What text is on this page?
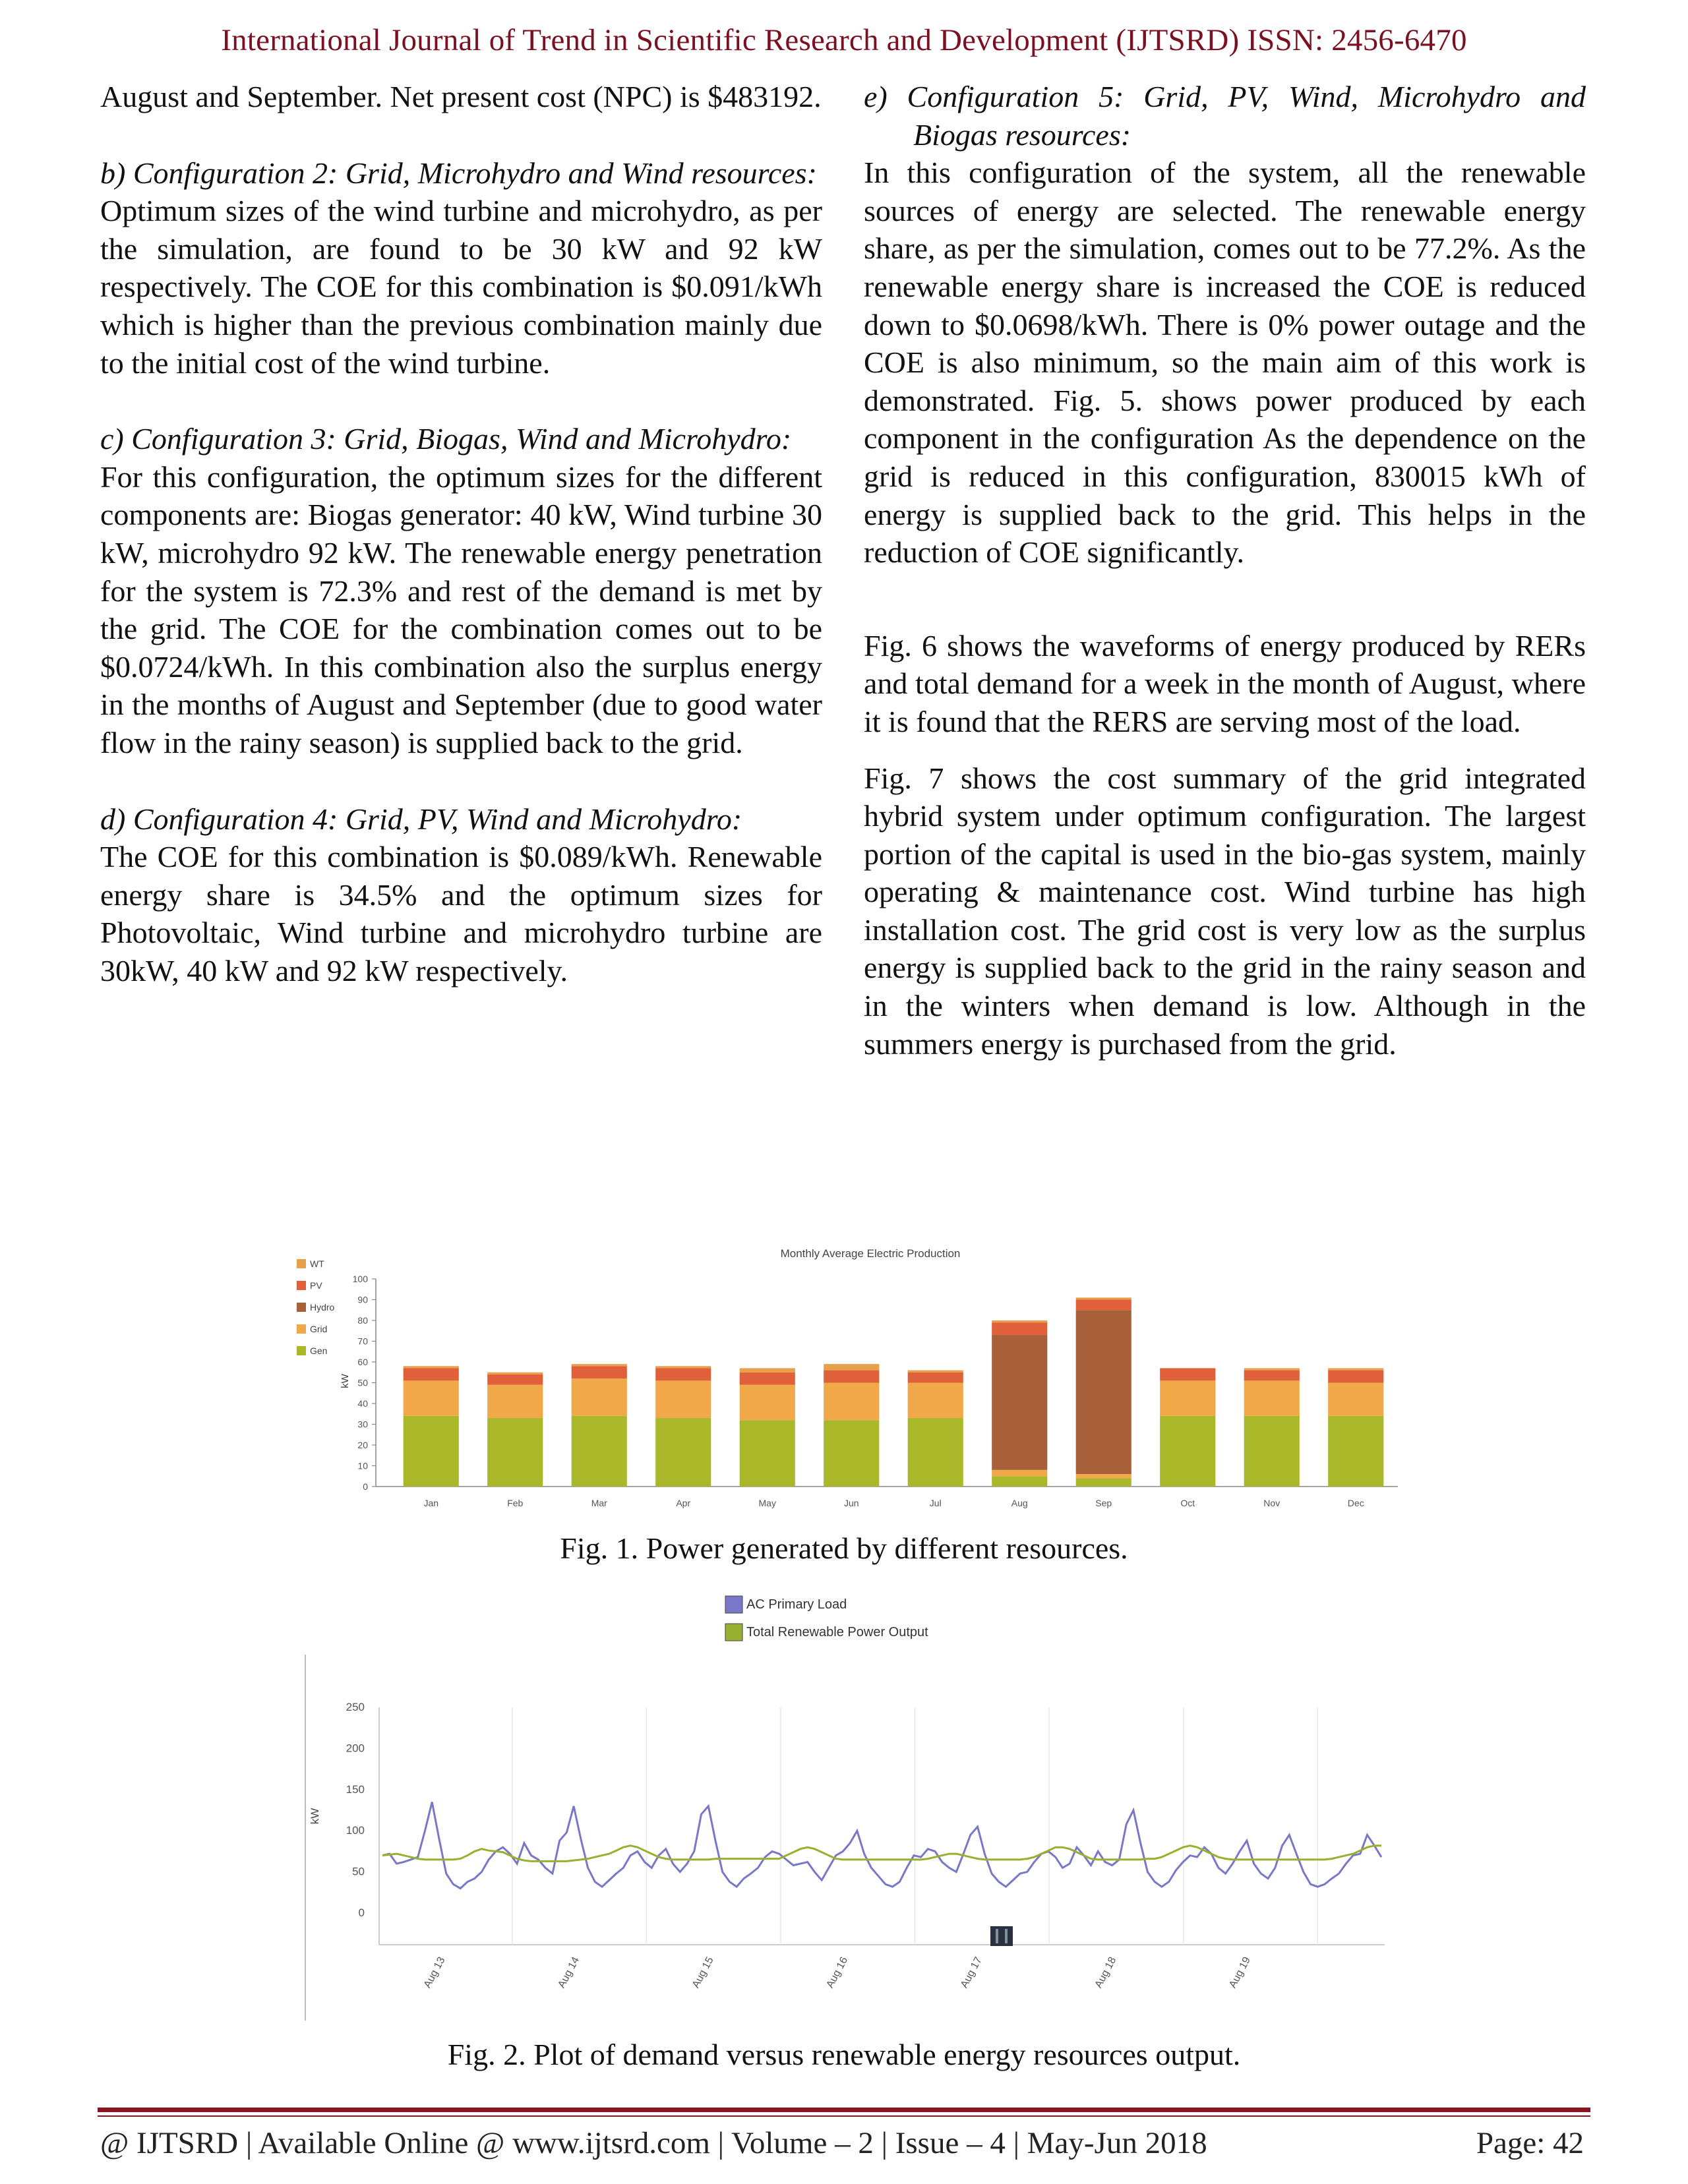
International Journal of Trend in Scientific Research and Development (IJTSRD) ISSN: 2456-6470

August and September. Net present cost (NPC) is $483192.

b) Configuration 2: Grid, Microhydro and Wind resources:

Optimum sizes of the wind turbine and microhydro, as per the simulation, are found to be 30 kW and 92 kW respectively. The COE for this combination is $0.091/kWh which is higher than the previous combination mainly due to the initial cost of the wind turbine.

c) Configuration 3: Grid, Biogas, Wind and Microhydro:

For this configuration, the optimum sizes for the different components are: Biogas generator: 40 kW, Wind turbine 30 kW, microhydro 92 kW. The renewable energy penetration for the system is 72.3% and rest of the demand is met by the grid. The COE for the combination comes out to be $0.0724/kWh. In this combination also the surplus energy in the months of August and September (due to good water flow in the rainy season) is supplied back to the grid.

d) Configuration 4: Grid, PV, Wind and Microhydro:

The COE for this combination is $0.089/kWh. Renewable energy share is 34.5% and the optimum sizes for Photovoltaic, Wind turbine and microhydro turbine are 30kW, 40 kW and 92 kW respectively.

e) Configuration 5: Grid, PV, Wind, Microhydro and Biogas resources:

In this configuration of the system, all the renewable sources of energy are selected. The renewable energy share, as per the simulation, comes out to be 77.2%. As the renewable energy share is increased the COE is reduced down to $0.0698/kWh. There is 0% power outage and the COE is also minimum, so the main aim of this work is demonstrated. Fig. 5. shows power produced by each component in the configuration As the dependence on the grid is reduced in this configuration, 830015 kWh of energy is supplied back to the grid. This helps in the reduction of COE significantly.

Fig. 6 shows the waveforms of energy produced by RERs and total demand for a week in the month of August, where it is found that the RERS are serving most of the load.

Fig. 7 shows the cost summary of the grid integrated hybrid system under optimum configuration. The largest portion of the capital is used in the bio-gas system, mainly operating & maintenance cost. Wind turbine has high installation cost. The grid cost is very low as the surplus energy is supplied back to the grid in the rainy season and in the winters when demand is low. Although in the summers energy is purchased from the grid.

Monthly Average Electric Production
WT
PV
Hydro
Grid
Gen
kW
0
10
20
30
40
50
60
70
80
90
100
Jan	Feb	Mar	Apr	May	Jun	Jul	Aug	Sep	Oct	Nov	Dec
Fig. 1. Power generated by different resources.
AC Primary Load
Total Renewable Power Output
kW
0
50
100
150
200
250
Aug 13	Aug 14	Aug 15	Aug 16	Aug 17	Aug 18	Aug 19
Fig. 2. Plot of demand versus renewable energy resources output.
@ IJTSRD | Available Online @ www.ijtsrd.com | Volume – 2 | Issue – 4 | May-Jun 2018	Page: 42
